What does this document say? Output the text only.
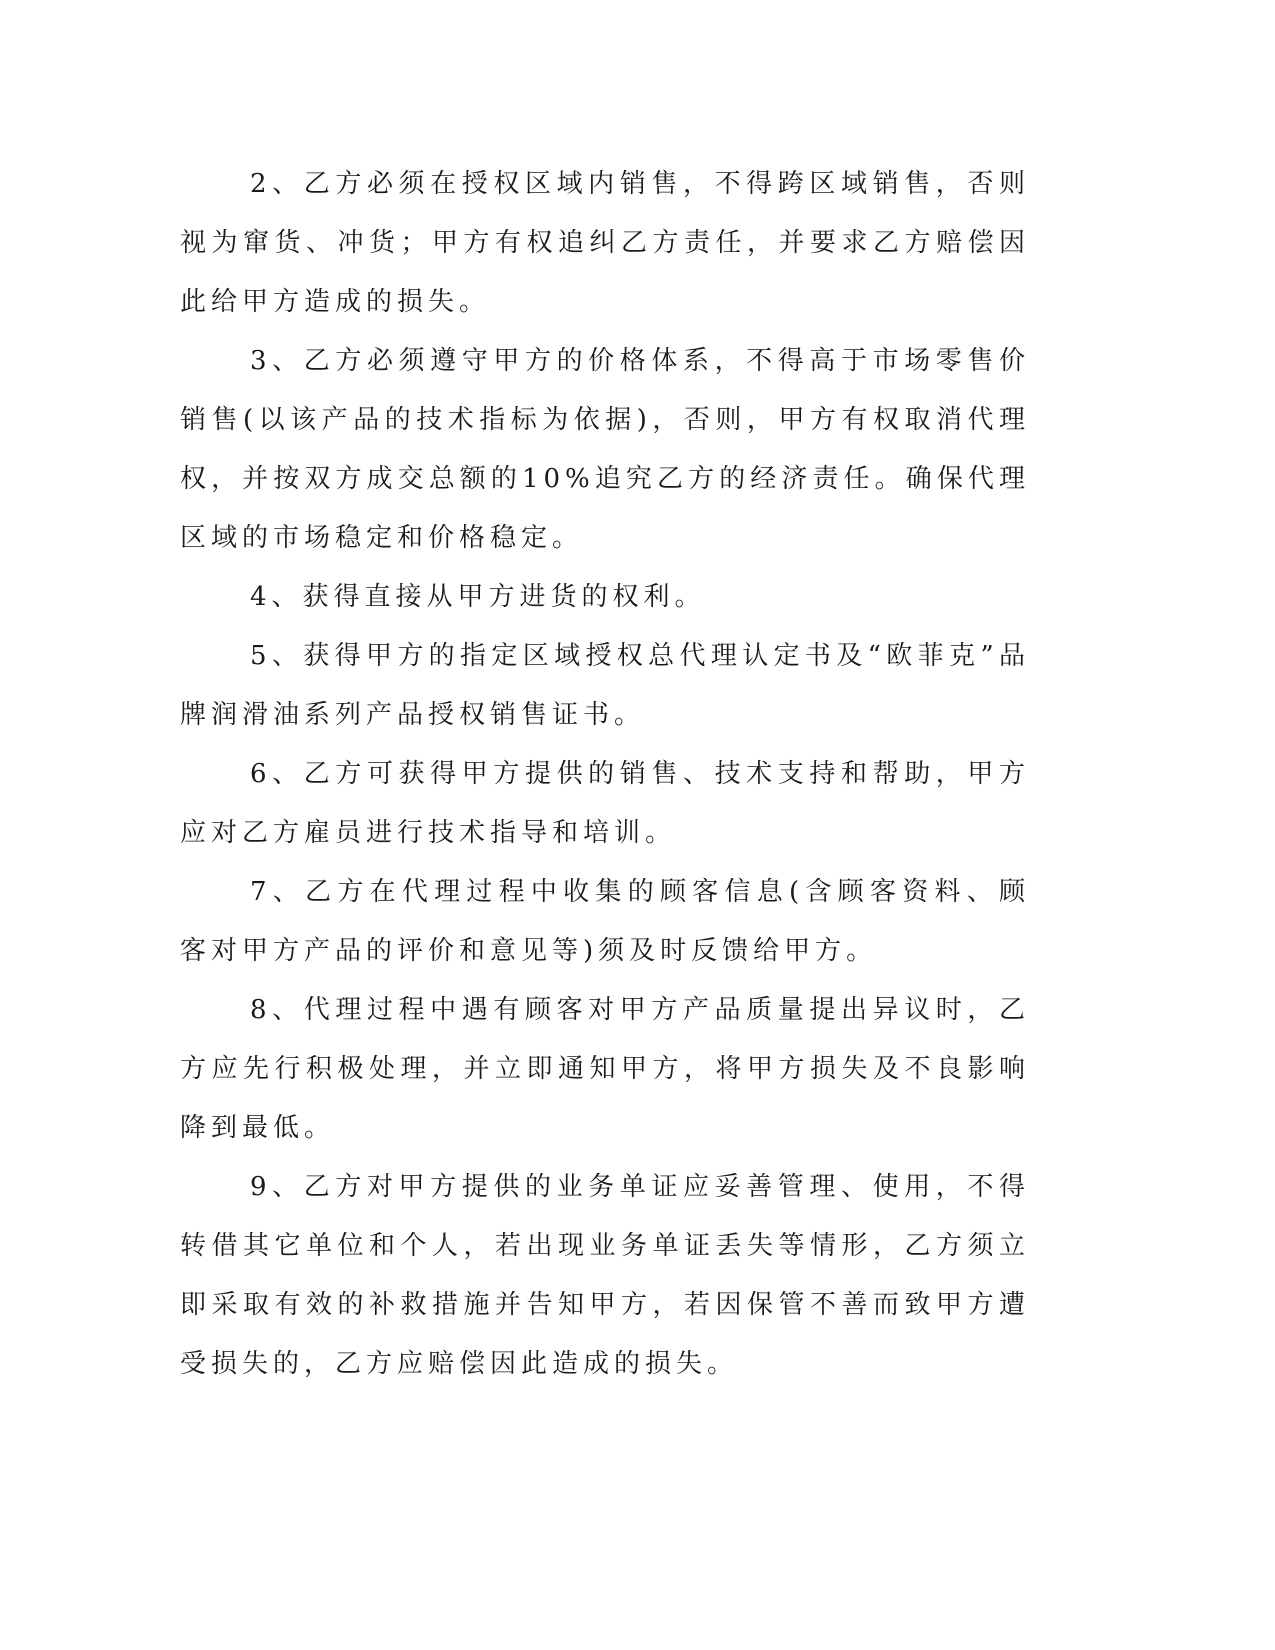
2、乙方必须在授权区域内销售，不得跨区域销售，否则视为窜货、冲货；甲方有权追纠乙方责任，并要求乙方赔偿因此给甲方造成的损失。

3、乙方必须遵守甲方的价格体系，不得高于市场零售价销售(以该产品的技术指标为依据)，否则，甲方有权取消代理权，并按双方成交总额的10%追究乙方的经济责任。确保代理区域的市场稳定和价格稳定。

4、获得直接从甲方进货的权利。

5、获得甲方的指定区域授权总代理认定书及“欧菲克”品牌润滑油系列产品授权销售证书。

6、乙方可获得甲方提供的销售、技术支持和帮助，甲方应对乙方雇员进行技术指导和培训。

7、乙方在代理过程中收集的顾客信息(含顾客资料、顾客对甲方产品的评价和意见等)须及时反馈给甲方。

8、代理过程中遇有顾客对甲方产品质量提出异议时，乙方应先行积极处理，并立即通知甲方，将甲方损失及不良影响降到最低。

9、乙方对甲方提供的业务单证应妥善管理、使用，不得转借其它单位和个人，若出现业务单证丢失等情形，乙方须立即采取有效的补救措施并告知甲方，若因保管不善而致甲方遭受损失的，乙方应赔偿因此造成的损失。
